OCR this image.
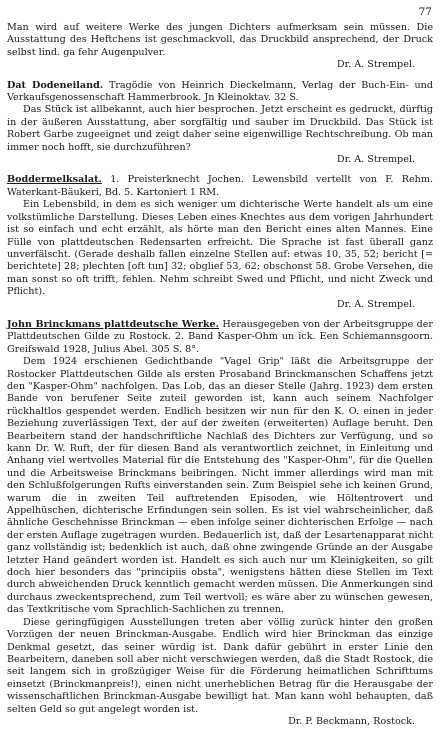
77

Man wird auf weitere Werke des jungen Dichters aufmerksam sein müssen. Die Ausstattung des Heftchens ist geschmackvoll, das Druckbild ansprechend, der Druck selbst lind. ga fehr Augenpulver.

Dr. A. Strempel.

Dat Dodeneiland. Tragödie von Heinrich Dieckelmann, Verlag der Buch-Ein- und Verkaufsgenossenschaft Hammerbrook. Jn Kleinoktav. 32 S.

Das Stück ist allbekannt, auch hier besprochen. Jetzt erscheint es gedruckt, dürftig in der äußeren Ausstattung, aber sorgfältig und sauber im Druckbild. Das Stück ist Robert Garbe zugeeignet und zeigt daher seine eigenwillige Rechtschreibung. Ob man immer noch hofft, sie durchzuführen?

Dr. A. Strempel.

Boddermelksalat. 1. Preisterknecht Jochen. Lewensbild vertellt von F. Rehm. Waterkant-Bäukeri, Bd. 5. Kartoniert 1 RM.

Ein Lebensbild, in dem es sich weniger um dichterische Werte handelt als um eine volkstümliche Darstellung. Dieses Leben eines Knechtes aus dem vorigen Jahrhundert ist so einfach und echt erzählt, als hörte man den Bericht eines alten Mannes. Eine Fülle von plattdeutschen Redensarten erfreicht. Die Sprache ist fast überall ganz unverfälscht. (Gerade deshalb fallen einzelne Stellen auf: etwas 10, 35, 52; bericht [= berichtete] 28; plechten [oft tun] 32; obglief 53, 62; obschonst 58. Grobe Versehen, die man sonst so oft trifft, fehlen. Nehm schreibt Swed und Pflicht, und nicht Zweck und Pflicht).

Dr. A. Strempel.

John Brinckmans plattdeutsche Werke. Herausgegeben von der Arbeitsgruppe der Plattdeutschen Gilde zu Rostock. 2. Band Kasper-Ohm un ick. Een Schiemannsgoorn. Greifswald 1928, Julius Abel. 305 S. 8°.

Dem 1924 erschienen Gedichtbande "Vagel Grip" läßt die Arbeitsgruppe der Rostocker Plattdeutschen Gilde als ersten Prosaband Brinckmanschen Schaffens jetzt den "Kasper-Ohm" nachfolgen. Das Lob, das an dieser Stelle (Jahrg. 1923) dem ersten Bande von berufener Seite zuteil geworden ist, kann auch seinem Nachfolger rückhaltlos gespendet werden. Endlich besitzen wir nun für den K. O. einen in jeder Beziehung zuverlässigen Text, der auf der zweiten (erweiterten) Auflage beruht. Den Bearbeitern stand der handschriftliche Nachlaß des Dichters zur Verfügung, und so kann Dr. W. Ruft, der für diesen Band als verantwortlich zeichnet, in Einleitung und Anhang viel wertvolles Material für die Entstehung des "Kasper-Ohm", für die Quellen und die Arbeitsweise Brinckmans beibringen. Nicht immer allerdings wird man mit den Schlußfolgerungen Rufts einverstanden sein. Zum Beispiel sehe ich keinen Grund, warum die in zweiten Teil auftretenden Episoden, wie Höltentrovert und Appelhüschen, dichterische Erfindungen sein sollen. Es ist viel wahrscheinlicher, daß ähnliche Geschehnisse Brinckman — eben infolge seiner dichterischen Erfolge — nach der ersten Auflage zugetragen wurden. Bedauerlich ist, daß der Lesartenapparat nicht ganz vollständig ist; bedenklich ist auch, daß ohne zwingende Gründe an der Ausgabe letzter Hand geändert worden ist. Handelt es sich auch nur um Kleinigkeiten, so gilt doch hier besonders das "principiis obsta", wenigstens hätten diese Stellen im Text durch abweichenden Druck kenntlich gemacht werden müssen. Die Anmerkungen sind durchaus zweckentsprechend, zum Teil wertvoll; es wäre aber zu wünschen gewesen, das Textkritische vom Sprachlich-Sachlichen zu trennen.

Diese geringfügigen Ausstellungen treten aber völlig zurück hinter den großen Vorzügen der neuen Brinckman-Ausgabe. Endlich wird hier Brinckman das einzige Denkmal gesetzt, das seiner würdig ist. Dank dafür gebührt in erster Linie den Bearbeitern, daneben soll aber nicht verschwiegen werden, daß die Stadt Rostock, die seit langem sich in großzügiger Weise für die Förderung heimatlichen Schrifttums einsetzt (Brinckmanpreis!), einen nicht unerheblichen Betrag für die Herausgabe der wissenschaftlichen Brinckman-Ausgabe bewilligt hat. Man kann wohl behaupten, daß selten Geld so gut angelegt worden ist.

Dr. P. Beckmann, Rostock.
